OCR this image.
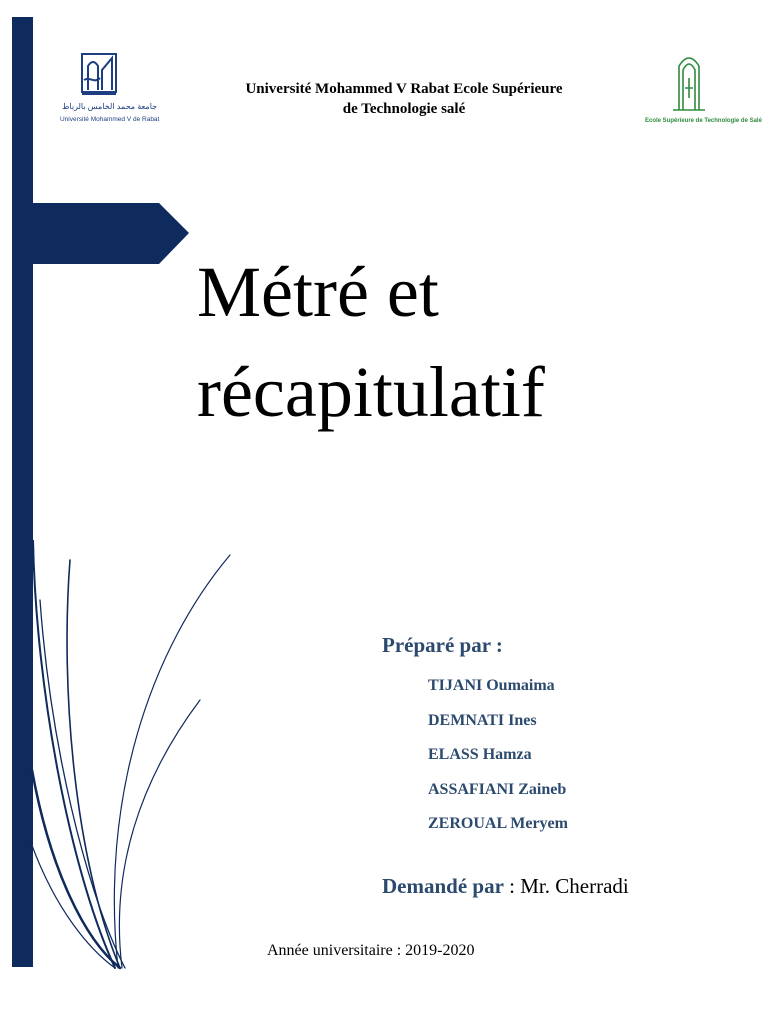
جامعة محمد الخامس بالرباط
Université Mohammed V de Rabat	Ecole Supérieure de Technologie de Salé
Université Mohammed V Rabat Ecole Supérieure
de Technologie salé
Métré et
récapitulatif
Préparé par :
TIJANI Oumaima
DEMNATI Ines
ELASS Hamza
ASSAFIANI Zaineb
ZEROUAL Meryem
Demandé par : Mr. Cherradi
Année universitaire : 2019-2020
